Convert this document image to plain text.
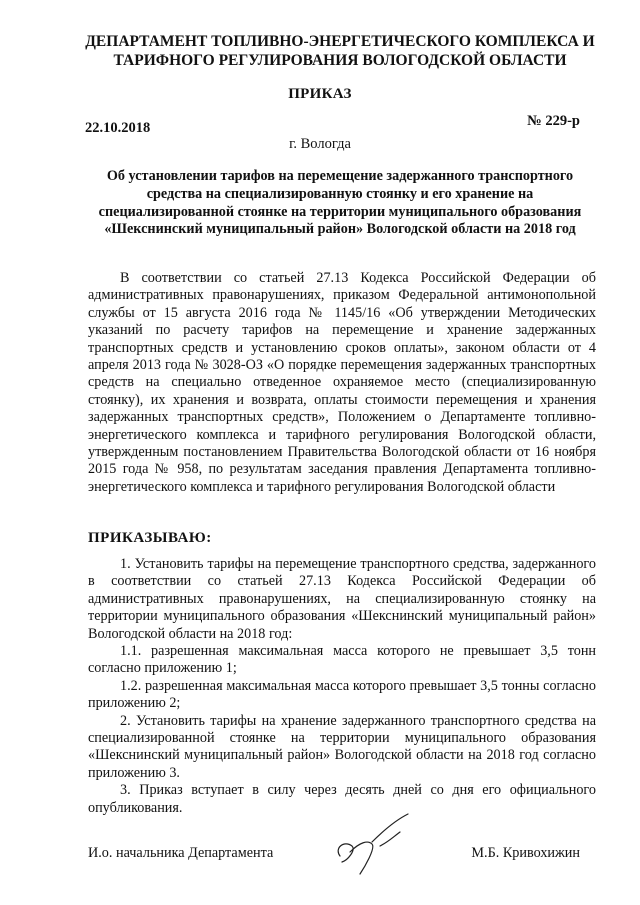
ДЕПАРТАМЕНТ ТОПЛИВНО-ЭНЕРГЕТИЧЕСКОГО КОМПЛЕКСА И ТАРИФНОГО РЕГУЛИРОВАНИЯ ВОЛОГОДСКОЙ ОБЛАСТИ
ПРИКАЗ
22.10.2018	№ 229-р
г. Вологда
Об установлении тарифов на перемещение задержанного транспортного средства на специализированную стоянку и его хранение на специализированной стоянке на территории муниципального образования «Шекснинский муниципальный район» Вологодской области на 2018 год
В соответствии со статьей 27.13 Кодекса Российской Федерации об административных правонарушениях, приказом Федеральной антимонопольной службы от 15 августа 2016 года № 1145/16 «Об утверждении Методических указаний по расчету тарифов на перемещение и хранение задержанных транспортных средств и установлению сроков оплаты», законом области от 4 апреля 2013 года № 3028-ОЗ «О порядке перемещения задержанных транспортных средств на специально отведенное охраняемое место (специализированную стоянку), их хранения и возврата, оплаты стоимости перемещения и хранения задержанных транспортных средств», Положением о Департаменте топливно-энергетического комплекса и тарифного регулирования Вологодской области, утвержденным постановлением Правительства Вологодской области от 16 ноября 2015 года № 958, по результатам заседания правления Департамента топливно-энергетического комплекса и тарифного регулирования Вологодской области
ПРИКАЗЫВАЮ:

1. Установить тарифы на перемещение транспортного средства, задержанного в соответствии со статьей 27.13 Кодекса Российской Федерации об административных правонарушениях, на специализированную стоянку на территории муниципального образования «Шекснинский муниципальный район» Вологодской области на 2018 год:

1.1. разрешенная максимальная масса которого не превышает 3,5 тонн согласно приложению 1;

1.2. разрешенная максимальная масса которого превышает 3,5 тонны согласно приложению 2;

2. Установить тарифы на хранение задержанного транспортного средства на специализированной стоянке на территории муниципального образования «Шекснинский муниципальный район» Вологодской области на 2018 год согласно приложению 3.

3. Приказ вступает в силу через десять дней со дня его официального опубликования.

И.о. начальника Департамента	М.Б. Кривохижин
